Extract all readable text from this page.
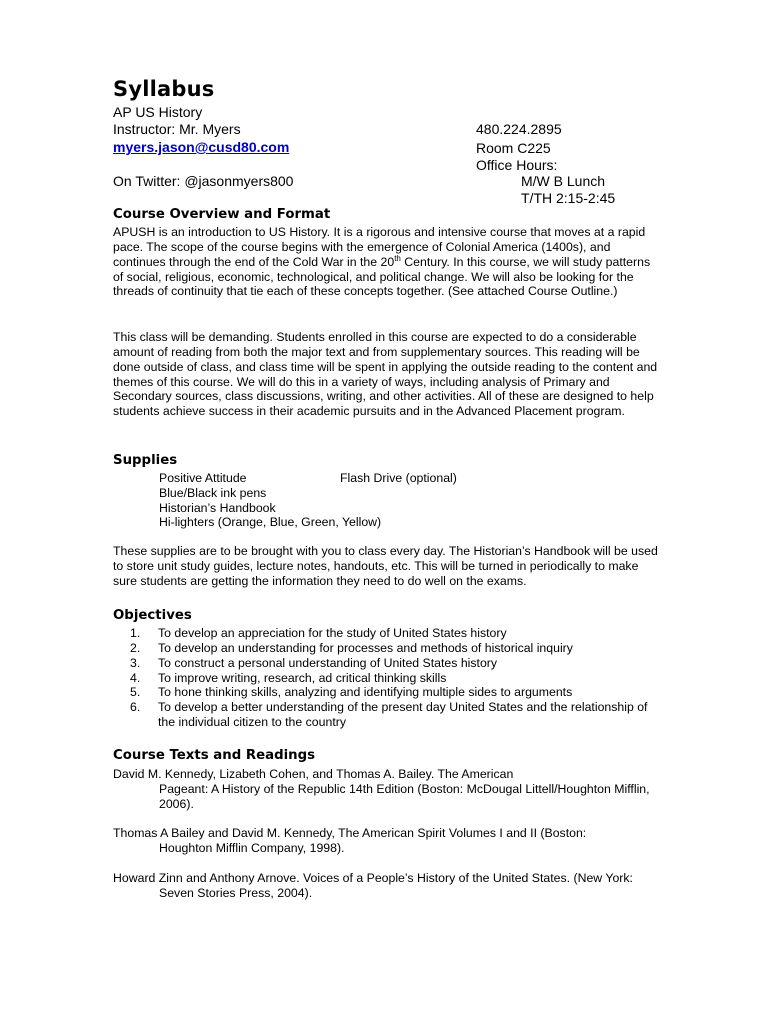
Syllabus
AP US History
Instructor: Mr. Myers
myers.jason@cusd80.com
On Twitter: @jasonmyers800
480.224.2895
Room C225
Office Hours:
M/W B Lunch
T/TH 2:15-2:45
Course Overview and Format

APUSH is an introduction to US History. It is a rigorous and intensive course that moves at a rapid pace. The scope of the course begins with the emergence of Colonial America (1400s), and continues through the end of the Cold War in the 20th Century. In this course, we will study patterns of social, religious, economic, technological, and political change. We will also be looking for the threads of continuity that tie each of these concepts together. (See attached Course Outline.)

This class will be demanding. Students enrolled in this course are expected to do a considerable amount of reading from both the major text and from supplementary sources. This reading will be done outside of class, and class time will be spent in applying the outside reading to the content and themes of this course. We will do this in a variety of ways, including analysis of Primary and Secondary sources, class discussions, writing, and other activities. All of these are designed to help students achieve success in their academic pursuits and in the Advanced Placement program.

Supplies
Positive Attitude	Flash Drive (optional)
Blue/Black ink pens
Historian’s Handbook
Hi-lighters (Orange, Blue, Green, Yellow)

These supplies are to be brought with you to class every day. The Historian’s Handbook will be used to store unit study guides, lecture notes, handouts, etc. This will be turned in periodically to make sure students are getting the information they need to do well on the exams.

Objectives
1.	To develop an appreciation for the study of United States history
2.	To develop an understanding for processes and methods of historical inquiry
3.	To construct a personal understanding of United States history
4.	To improve writing, research, ad critical thinking skills
5.	To hone thinking skills, analyzing and identifying multiple sides to arguments
6.	To develop a better understanding of the present day United States and the relationship of the individual citizen to the country
Course Texts and Readings
David M. Kennedy, Lizabeth Cohen, and Thomas A. Bailey. The American
Pageant: A History of the Republic 14th Edition (Boston: McDougal Littell/Houghton Mifflin, 2006).
Thomas A Bailey and David M. Kennedy, The American Spirit Volumes I and II (Boston:
Houghton Mifflin Company, 1998).
Howard Zinn and Anthony Arnove. Voices of a People’s History of the United States. (New York:
Seven Stories Press, 2004).
